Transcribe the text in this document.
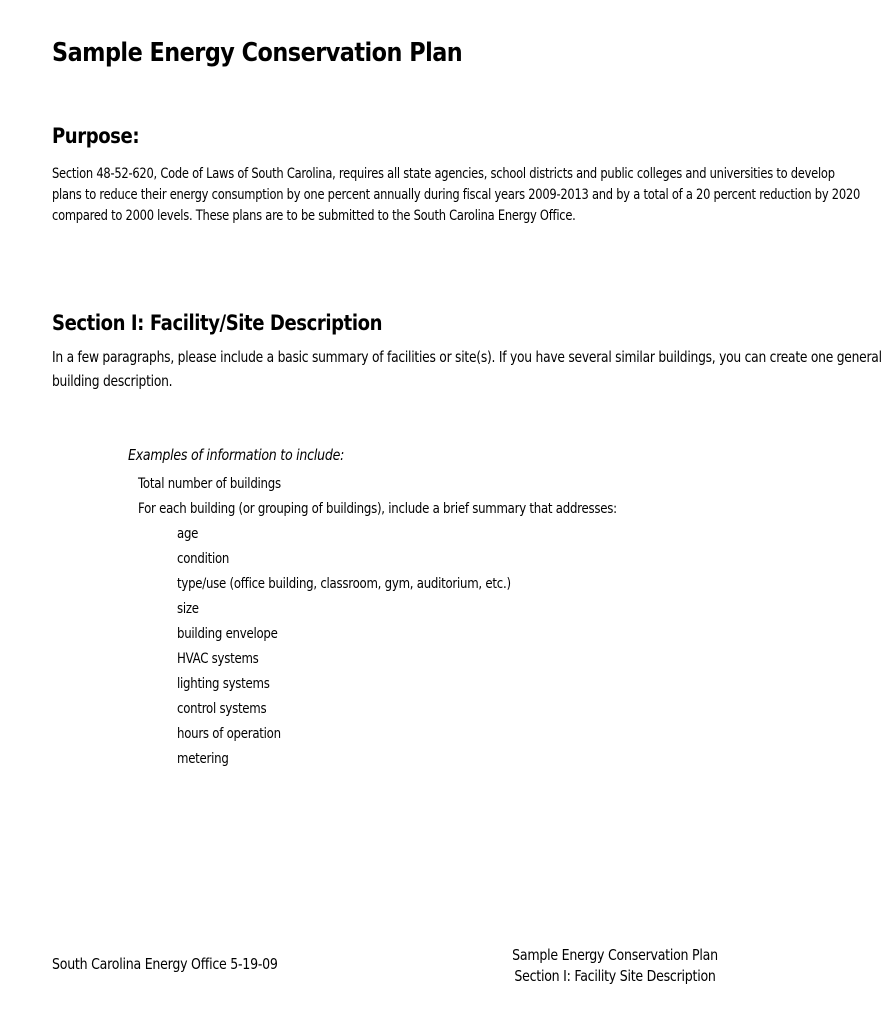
Sample Energy Conservation Plan
Purpose:
Section 48-52-620, Code of Laws of South Carolina, requires all state agencies, school districts and public colleges and universities to develop
plans to reduce their energy consumption by one percent annually during fiscal years 2009-2013 and by a total of a 20 percent reduction by 2020
compared to 2000 levels. These plans are to be submitted to the South Carolina Energy Office.
Section I: Facility/Site Description
In a few paragraphs, please include a basic summary of facilities or site(s). If you have several similar buildings, you can create one general
building description.
Examples of information to include:
Total number of buildings
For each building (or grouping of buildings), include a brief summary that addresses:
age
condition
type/use (office building, classroom, gym, auditorium, etc.)
size
building envelope
HVAC systems
lighting systems
control systems
hours of operation
metering
South Carolina Energy Office 5-19-09	Sample Energy Conservation Plan
Section I: Facility Site Description
